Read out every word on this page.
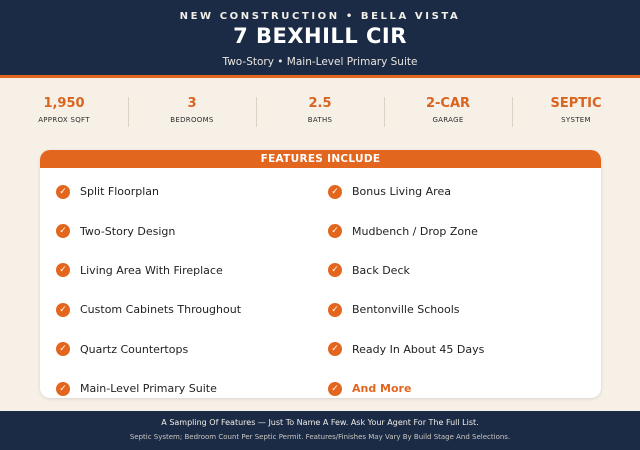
NEW CONSTRUCTION • BELLA VISTA
7 BEXHILL CIR
Two-Story • Main-Level Primary Suite
1,950
APPROX SQFT
3
BEDROOMS
2.5
BATHS
2-CAR
GARAGE
SEPTIC
SYSTEM
FEATURES INCLUDE
✓ Split Floorplan
✓ Two-Story Design
✓ Living Area With Fireplace
✓ Custom Cabinets Throughout
✓ Quartz Countertops
✓ Main-Level Primary Suite
✓ Bonus Living Area
✓ Mudbench / Drop Zone
✓ Back Deck
✓ Bentonville Schools
✓ Ready In About 45 Days
✓ And More
A Sampling Of Features — Just To Name A Few. Ask Your Agent For The Full List.
Septic System; Bedroom Count Per Septic Permit. Features/Finishes May Vary By Build Stage And Selections.
